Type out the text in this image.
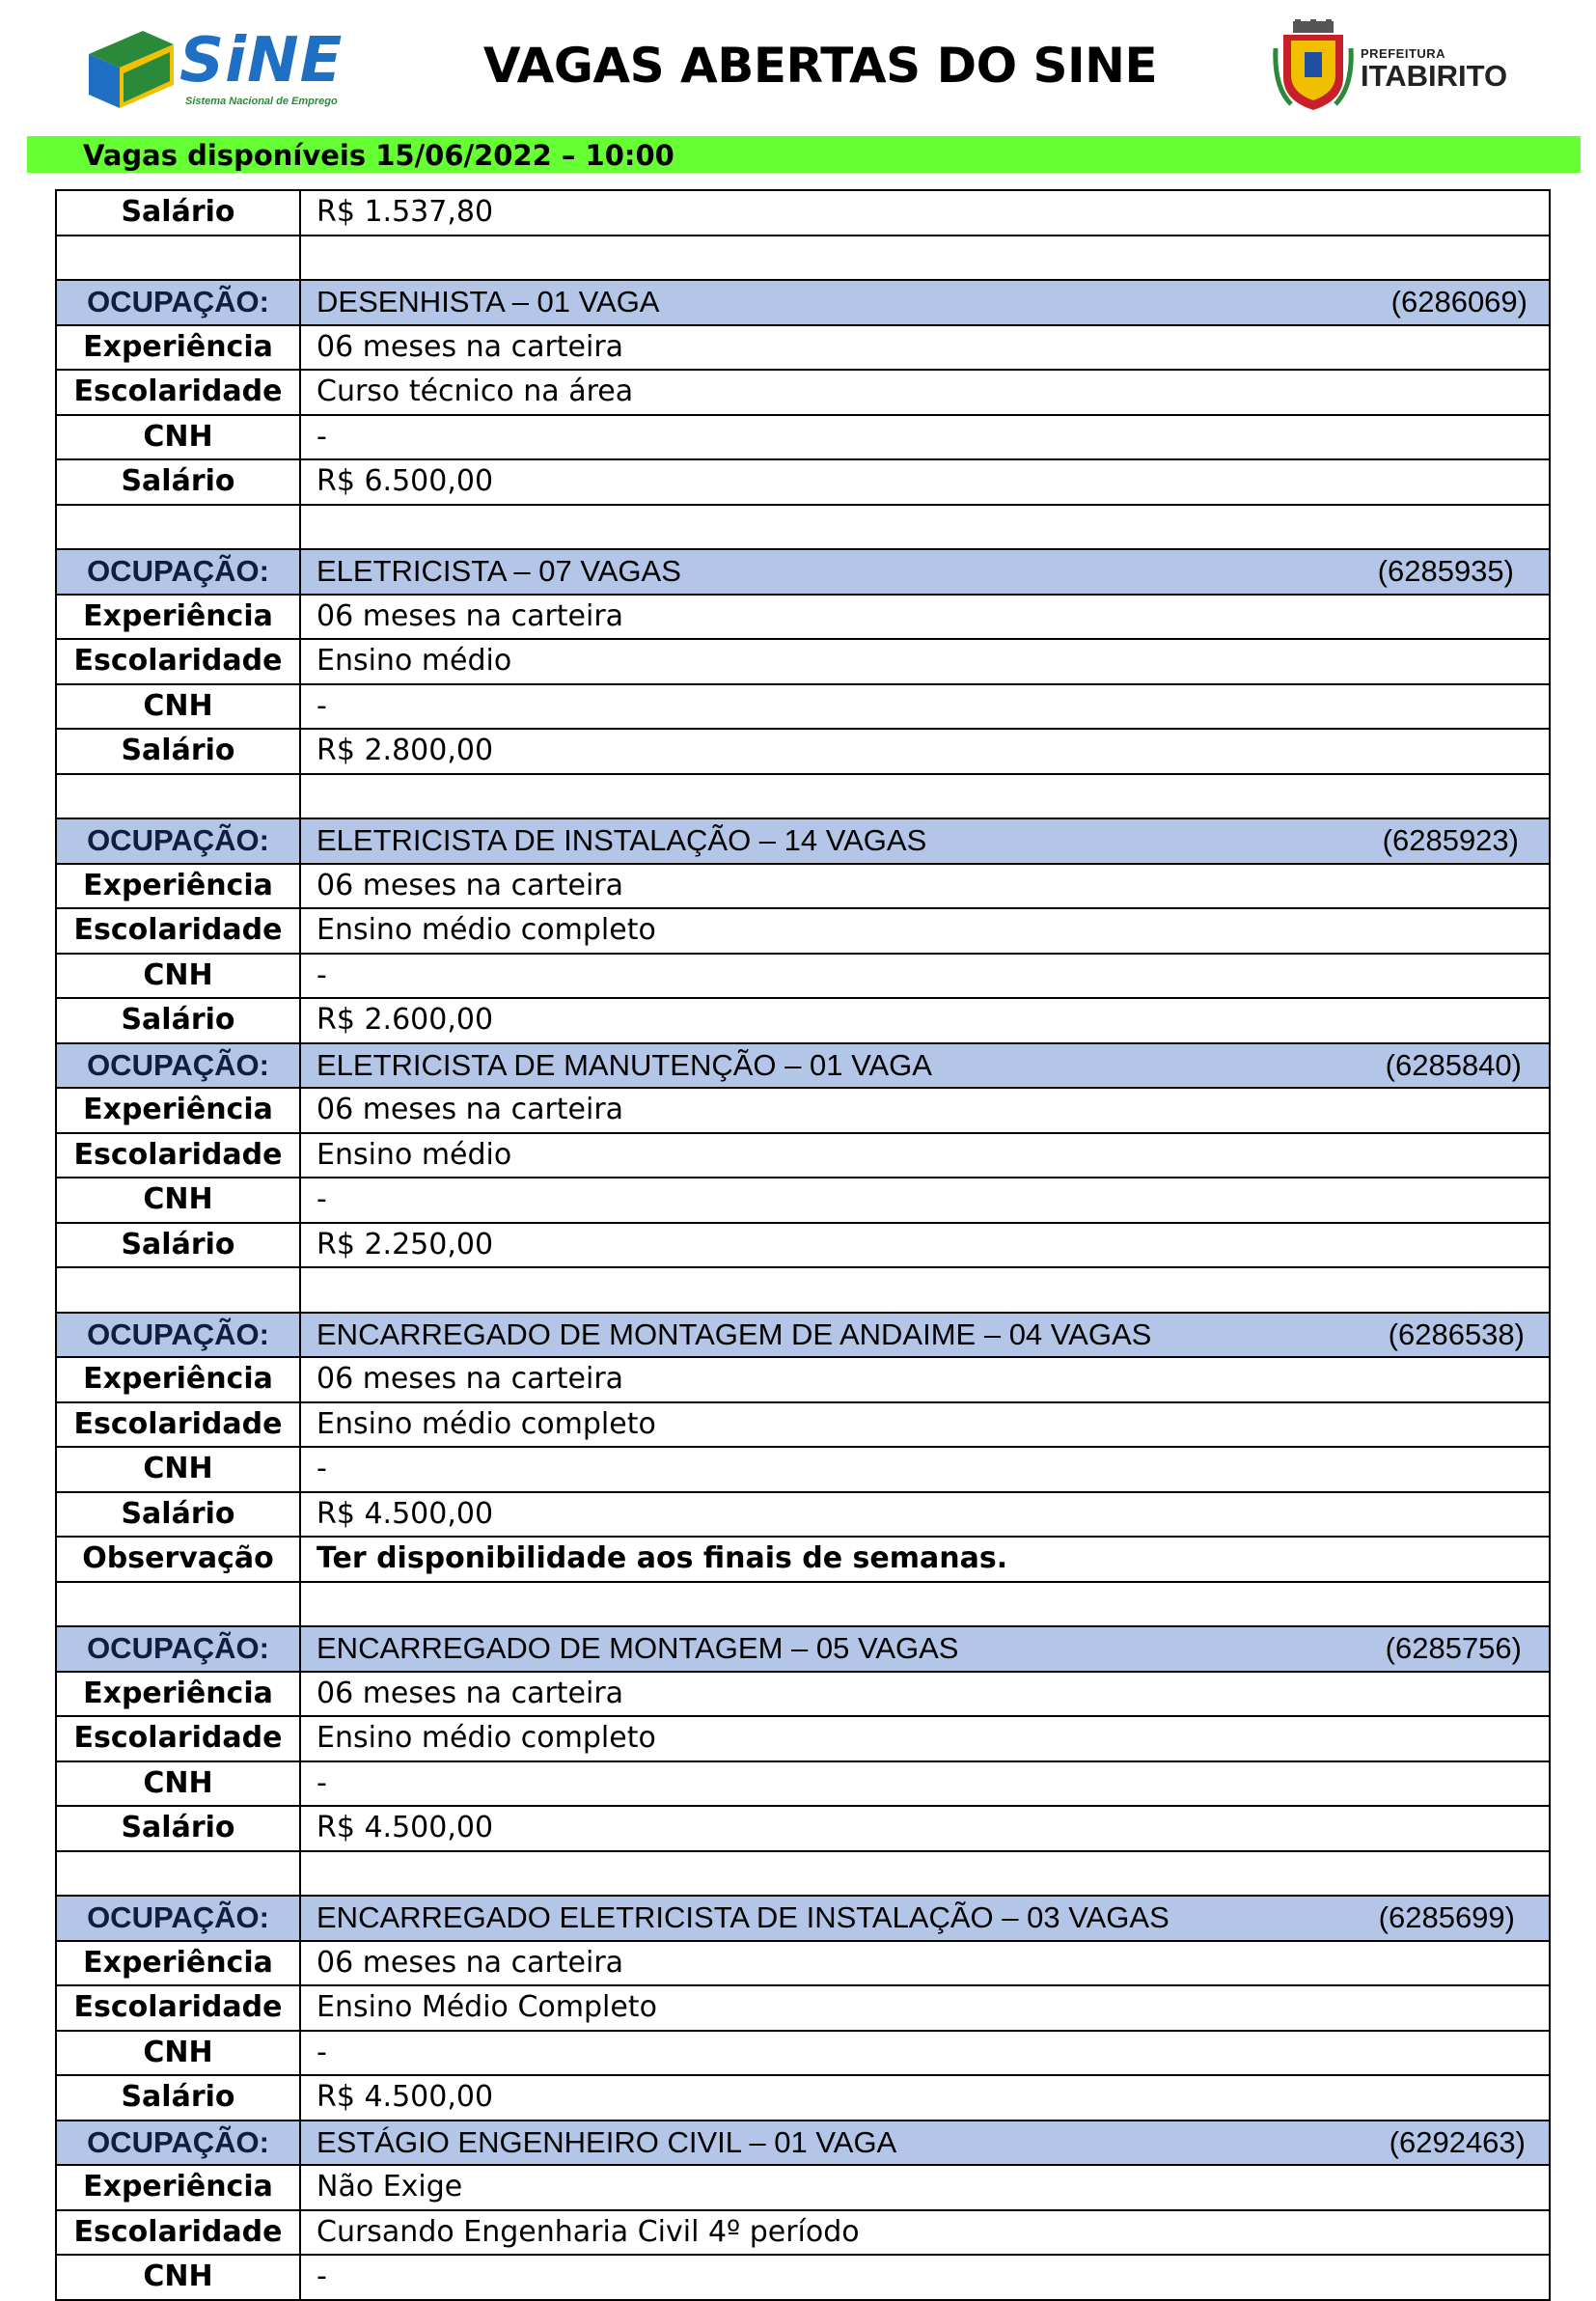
SiNE
Sistema Nacional de Emprego
VAGAS ABERTAS DO SINE	PREFEITURA
ITABIRITO
Vagas disponíveis 15/06/2022 – 10:00
Salário	R$ 1.537,80

OCUPAÇÃO:	DESENHISTA – 01 VAGA (6286069)

Experiência	06 meses na carteira
Escolaridade	Curso técnico na área
CNH	-
Salário	R$ 6.500,00

OCUPAÇÃO:	ELETRICISTA – 07 VAGAS (6285935)

Experiência	06 meses na carteira
Escolaridade	Ensino médio
CNH	-
Salário	R$ 2.800,00

OCUPAÇÃO:	ELETRICISTA DE INSTALAÇÃO – 14 VAGAS (6285923)

Experiência	06 meses na carteira
Escolaridade	Ensino médio completo
CNH	-
Salário	R$ 2.600,00
OCUPAÇÃO:	ELETRICISTA DE MANUTENÇÃO – 01 VAGA (6285840)

Experiência	06 meses na carteira
Escolaridade	Ensino médio
CNH	-
Salário	R$ 2.250,00

OCUPAÇÃO:	ENCARREGADO DE MONTAGEM DE ANDAIME – 04 VAGAS (6286538)

Experiência	06 meses na carteira
Escolaridade	Ensino médio completo
CNH	-
Salário	R$ 4.500,00
Observação	Ter disponibilidade aos finais de semanas.

OCUPAÇÃO:	ENCARREGADO DE MONTAGEM – 05 VAGAS (6285756)

Experiência	06 meses na carteira
Escolaridade	Ensino médio completo
CNH	-
Salário	R$ 4.500,00

OCUPAÇÃO:	ENCARREGADO ELETRICISTA DE INSTALAÇÃO – 03 VAGAS (6285699)

Experiência	06 meses na carteira
Escolaridade	Ensino Médio Completo
CNH	-
Salário	R$ 4.500,00
OCUPAÇÃO:	ESTÁGIO ENGENHEIRO CIVIL – 01 VAGA (6292463)

Experiência	Não Exige
Escolaridade	Cursando Engenharia Civil 4º período
CNH	-
